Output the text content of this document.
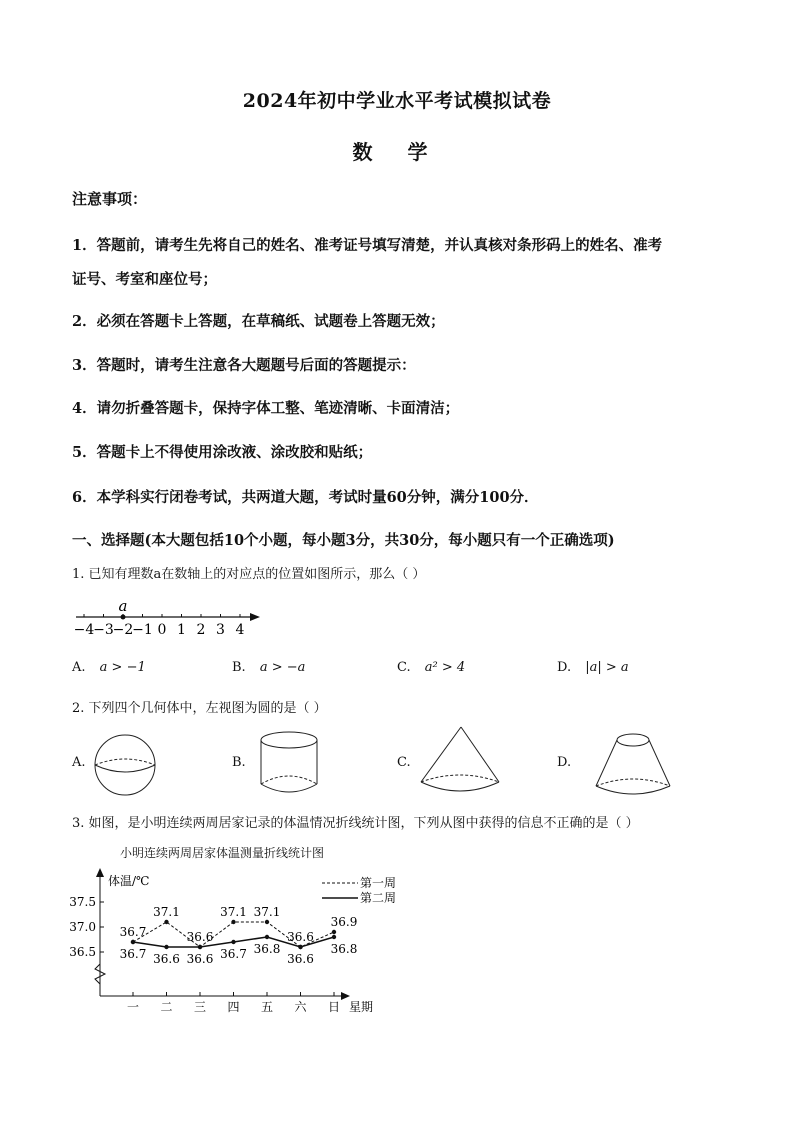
2024年初中学业水平考试模拟试卷
数 学
注意事项：
1．答题前，请考生先将自己的姓名、准考证号填写清楚，并认真核对条形码上的姓名、准考
证号、考室和座位号；
2．必须在答题卡上答题，在草稿纸、试题卷上答题无效；
3．答题时，请考生注意各大题题号后面的答题提示：
4．请勿折叠答题卡，保持字体工整、笔迹清晰、卡面清洁；
5．答题卡上不得使用涂改液、涂改胶和贴纸；
6．本学科实行闭卷考试，共两道大题，考试时量60分钟，满分100分．
一、选择题(本大题包括10个小题，每小题3分，共30分，每小题只有一个正确选项)
1. 已知有理数a在数轴上的对应点的位置如图所示，那么（ ）
−4
−3
−2
−1 0 1 2 3 4
a
A. a > −1	B. a > −a	C. a² > 4	D. |a| > a
2. 下列四个几何体中，左视图为圆的是（ ）
A.	B.	C.	D.
3. 如图，是小明连续两周居家记录的体温情况折线统计图，下列从图中获得的信息不正确的是（ ）
小明连续两周居家体温测量折线统计图
体温/℃
星期
第一周
第二周
37.5
37.0
36.5
一 二 三 四 五 六 日
36.7
37.1
36.6
37.1 37.1
36.6
36.9
36.7 36.6 36.6 36.7 36.8
36.6
36.8
